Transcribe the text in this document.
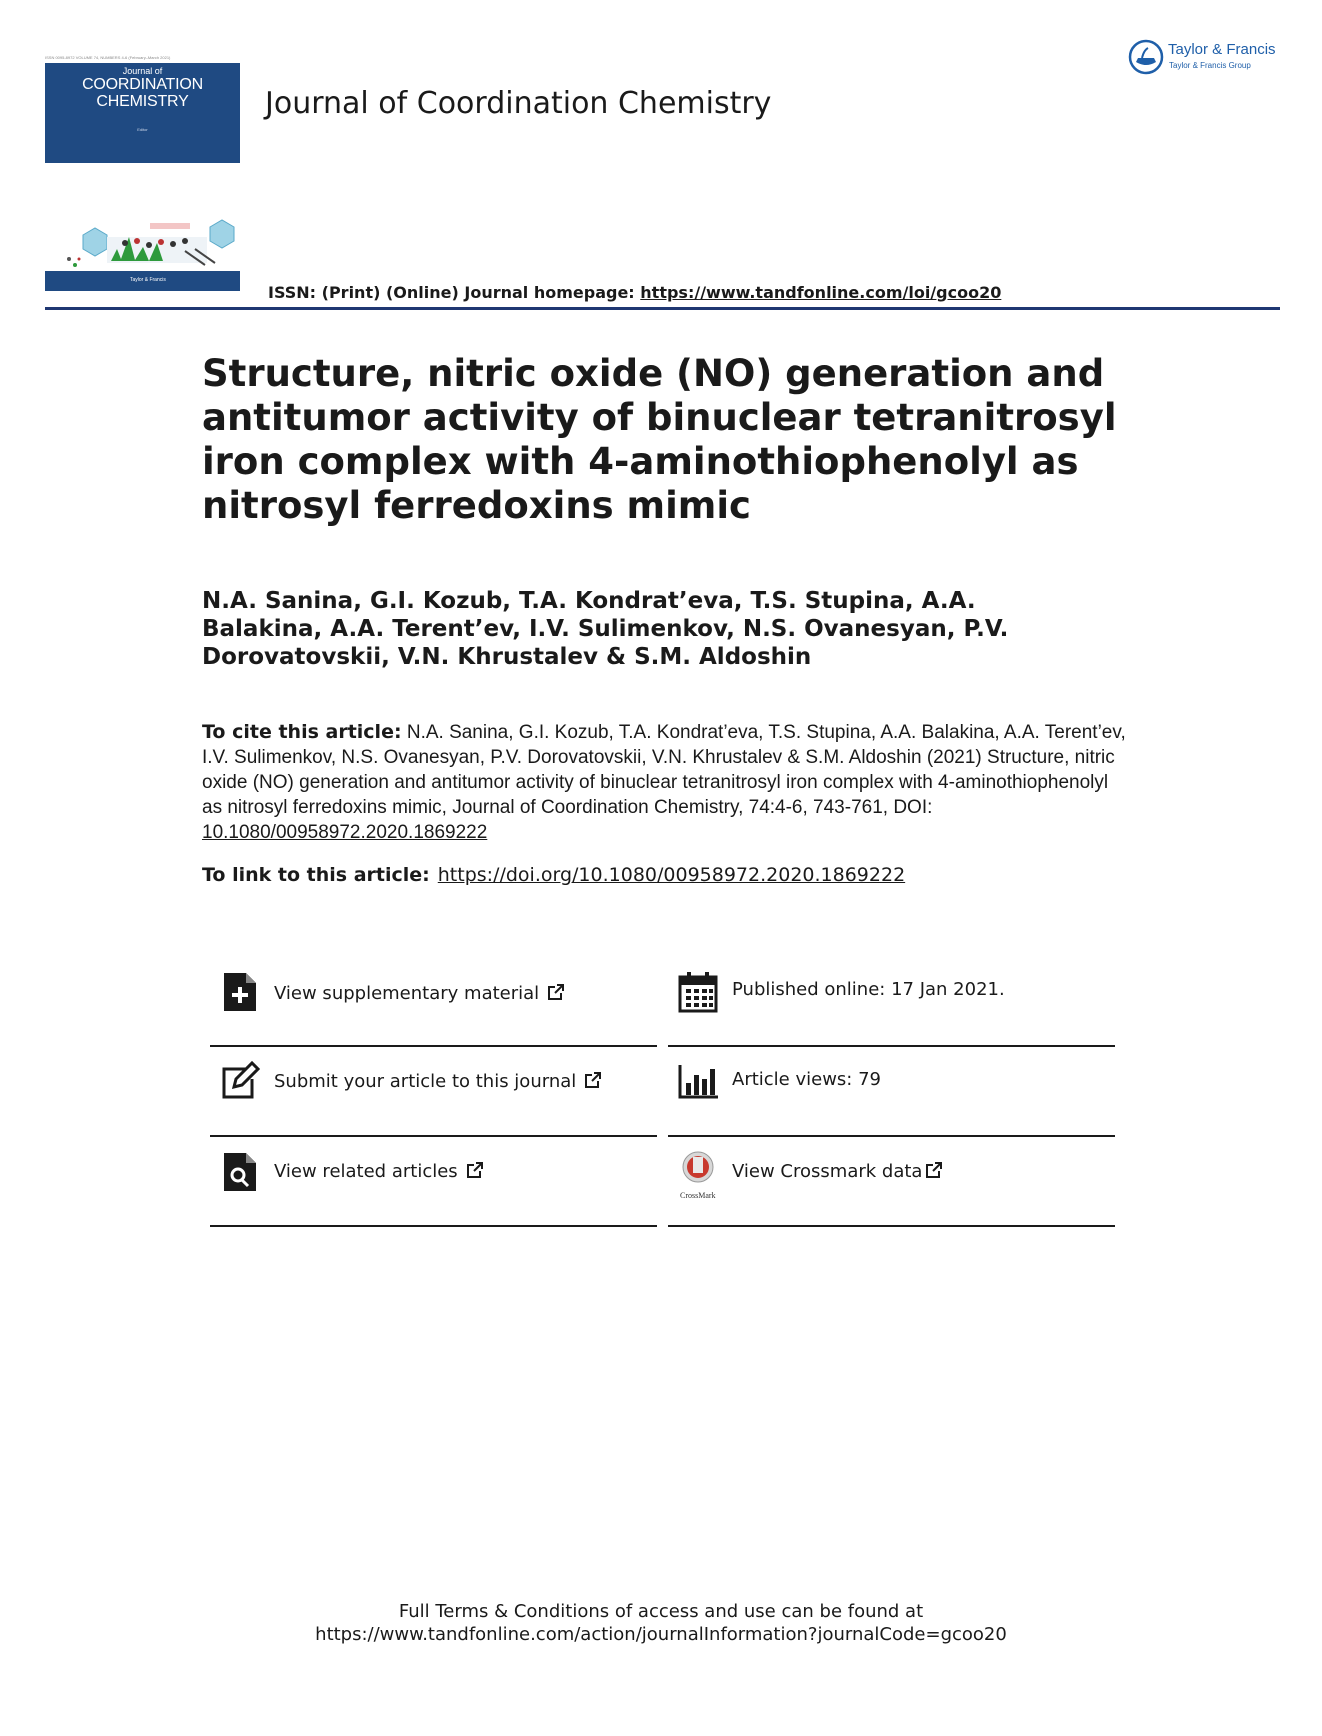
ISSN 0095-8972 VOLUME 74, NUMBERS 4-6 (February–March 2021)
Journal of
COORDINATION
CHEMISTRY
Editor
Taylor & Francis
Journal of Coordination Chemistry
Taylor & Francis
Taylor & Francis Group
ISSN: (Print) (Online) Journal homepage: https://www.tandfonline.com/loi/gcoo20
Structure, nitric oxide (NO) generation and antitumor activity of binuclear tetranitrosyl iron complex with 4-aminothiophenolyl as nitrosyl ferredoxins mimic
N.A. Sanina, G.I. Kozub, T.A. Kondrat’eva, T.S. Stupina, A.A. Balakina, A.A. Terent’ev, I.V. Sulimenkov, N.S. Ovanesyan, P.V. Dorovatovskii, V.N. Khrustalev & S.M. Aldoshin
To cite this article: N.A. Sanina, G.I. Kozub, T.A. Kondrat’eva, T.S. Stupina, A.A. Balakina, A.A. Terent’ev, I.V. Sulimenkov, N.S. Ovanesyan, P.V. Dorovatovskii, V.N. Khrustalev & S.M. Aldoshin (2021) Structure, nitric oxide (NO) generation and antitumor activity of binuclear tetranitrosyl iron complex with 4-aminothiophenolyl as nitrosyl ferredoxins mimic, Journal of Coordination Chemistry, 74:4-6, 743-761, DOI: 10.1080/00958972.2020.1869222
To link to this article: https://doi.org/10.1080/00958972.2020.1869222
View supplementary material	Published online: 17 Jan 2021.
Submit your article to this journal	Article views: 79
View related articles
CrossMark
View Crossmark data
Full Terms & Conditions of access and use can be found at
https://www.tandfonline.com/action/journalInformation?journalCode=gcoo20
